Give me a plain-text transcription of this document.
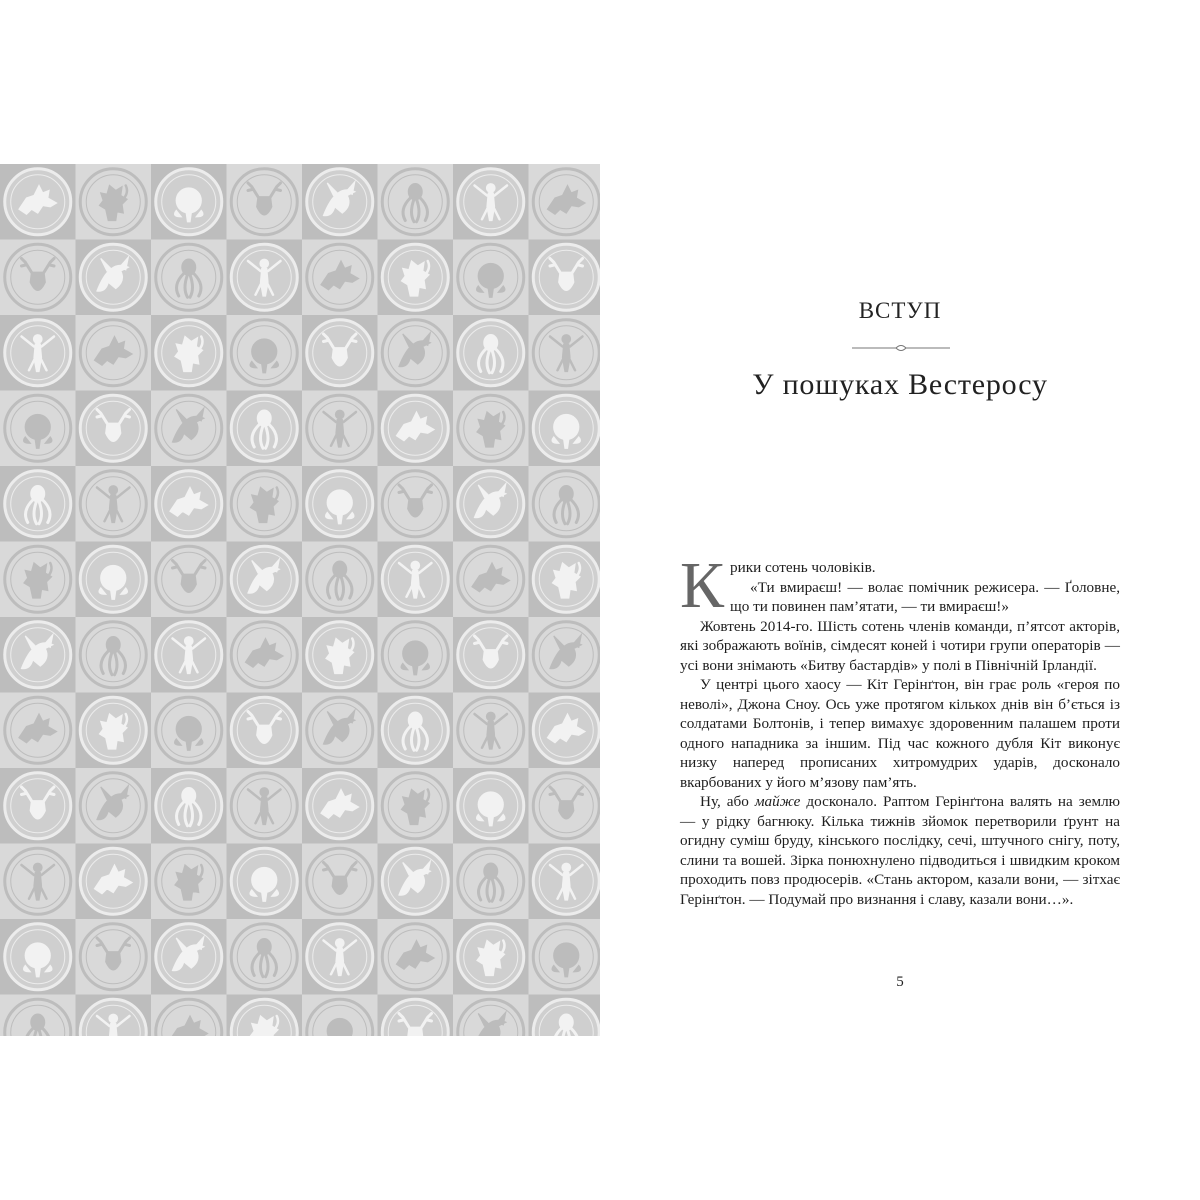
ВСТУП
У пошуках Вестеросу

Крики сотень чоловіків.

«Ти вмираєш! — волає помічник режисера. — Ґоловне, що ти повинен пам’ятати, — ти вмираєш!»

Жовтень 2014-го. Шість сотень членів команди, п’ятсот акторів, які зображають воїнів, сімдесят коней і чотири групи операторів — усі вони знімають «Битву бастардів» у полі в Північній Ірландії.

У центрі цього хаосу — Кіт Герінґтон, він грає роль «героя по неволі», Джона Сноу. Ось уже протягом кількох днів він б’ється із солдатами Болтонів, і тепер вимахує здоровенним палашем проти одного нападника за іншим. Під час кожного дубля Кіт виконує низку наперед прописаних хитромудрих ударів, досконало вкарбованих у його м’язову пам’ять.

Ну, або майже досконало. Раптом Герінґтона валять на землю — у рідку багнюку. Кілька тижнів зйомок перетворили ґрунт на огидну суміш бруду, кінського послідку, сечі, штучного снігу, поту, слини та вошей. Зірка понюхнулено підводиться і швидким кроком проходить повз продюсерів. «Стань актором, казали вони, — зітхає Герінґтон. — Подумай про визнання і славу, казали вони…».

5
